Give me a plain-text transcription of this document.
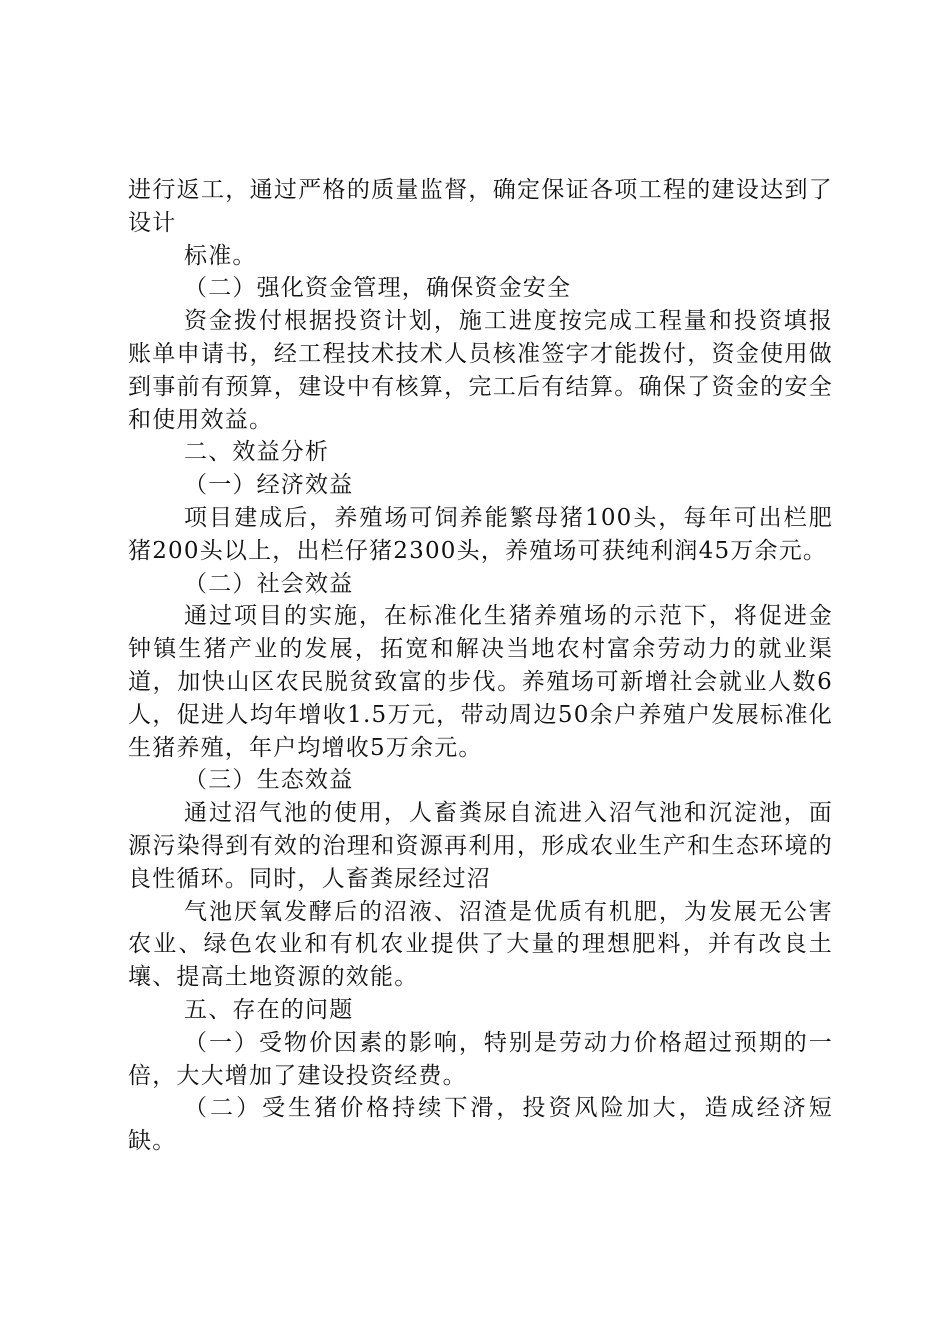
进行返工，通过严格的质量监督，确定保证各项工程的建设达到了设计

标准。

（二）强化资金管理，确保资金安全

资金拨付根据投资计划，施工进度按完成工程量和投资填报账单申请书，经工程技术技术人员核准签字才能拨付，资金使用做到事前有预算，建设中有核算，完工后有结算。确保了资金的安全和使用效益。

二、效益分析

（一）经济效益

项目建成后，养殖场可饲养能繁母猪100头，每年可出栏肥猪200头以上，出栏仔猪2300头，养殖场可获纯利润45万余元。

（二）社会效益

通过项目的实施，在标准化生猪养殖场的示范下，将促进金钟镇生猪产业的发展，拓宽和解决当地农村富余劳动力的就业渠道，加快山区农民脱贫致富的步伐。养殖场可新增社会就业人数6人，促进人均年增收1.5万元，带动周边50余户养殖户发展标准化生猪养殖，年户均增收5万余元。

（三）生态效益

通过沼气池的使用，人畜粪尿自流进入沼气池和沉淀池，面源污染得到有效的治理和资源再利用，形成农业生产和生态环境的良性循环。同时，人畜粪尿经过沼

气池厌氧发酵后的沼液、沼渣是优质有机肥，为发展无公害农业、绿色农业和有机农业提供了大量的理想肥料，并有改良土壤、提高土地资源的效能。

五、存在的问题

（一）受物价因素的影响，特别是劳动力价格超过预期的一倍，大大增加了建设投资经费。

（二）受生猪价格持续下滑，投资风险加大，造成经济短缺。
